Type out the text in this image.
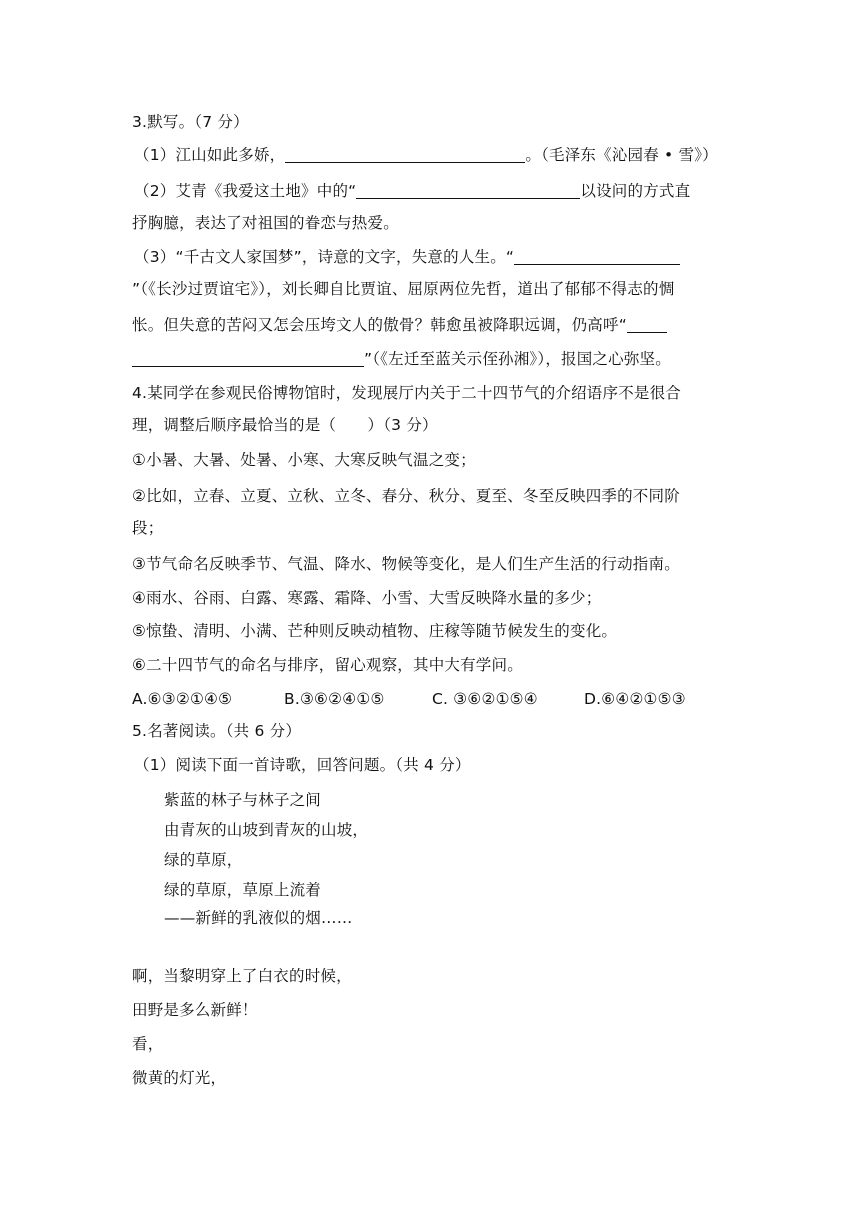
3.默写。（7 分）
（1）江山如此多娇，	。（毛泽东《沁园春 • 雪》）
（2）艾青《我爱这土地》中的“	以设问的方式直
抒胸臆，表达了对祖国的眷恋与热爱。
（3）“千古文人家国梦”，诗意的文字，失意的人生。“
”（《长沙过贾谊宅》），刘长卿自比贾谊、屈原两位先哲，道出了郁郁不得志的惆
怅。但失意的苦闷又怎会压垮文人的傲骨？韩愈虽被降职远调，仍高呼“
”（《左迁至蓝关示侄孙湘》），报国之心弥坚。
4.某同学在参观民俗博物馆时，发现展厅内关于二十四节气的介绍语序不是很合
理，调整后顺序最恰当的是（　　）（3 分）
①小暑、大暑、处暑、小寒、大寒反映气温之变；
②比如，立春、立夏、立秋、立冬、春分、秋分、夏至、冬至反映四季的不同阶
段；
③节气命名反映季节、气温、降水、物候等变化，是人们生产生活的行动指南。
④雨水、谷雨、白露、寒露、霜降、小雪、大雪反映降水量的多少；
⑤惊蛰、清明、小满、芒种则反映动植物、庄稼等随节候发生的变化。
⑥二十四节气的命名与排序，留心观察，其中大有学问。
A.⑥③②①④⑤	B.③⑥②④①⑤	C. ③⑥②①⑤④	D.⑥④②①⑤③
5.名著阅读。（共 6 分）
（1）阅读下面一首诗歌，回答问题。（共 4 分）
紫蓝的林子与林子之间
由青灰的山坡到青灰的山坡，
绿的草原，
绿的草原，草原上流着
——新鲜的乳液似的烟……
啊，当黎明穿上了白衣的时候，
田野是多么新鲜！
看，
微黄的灯光，
